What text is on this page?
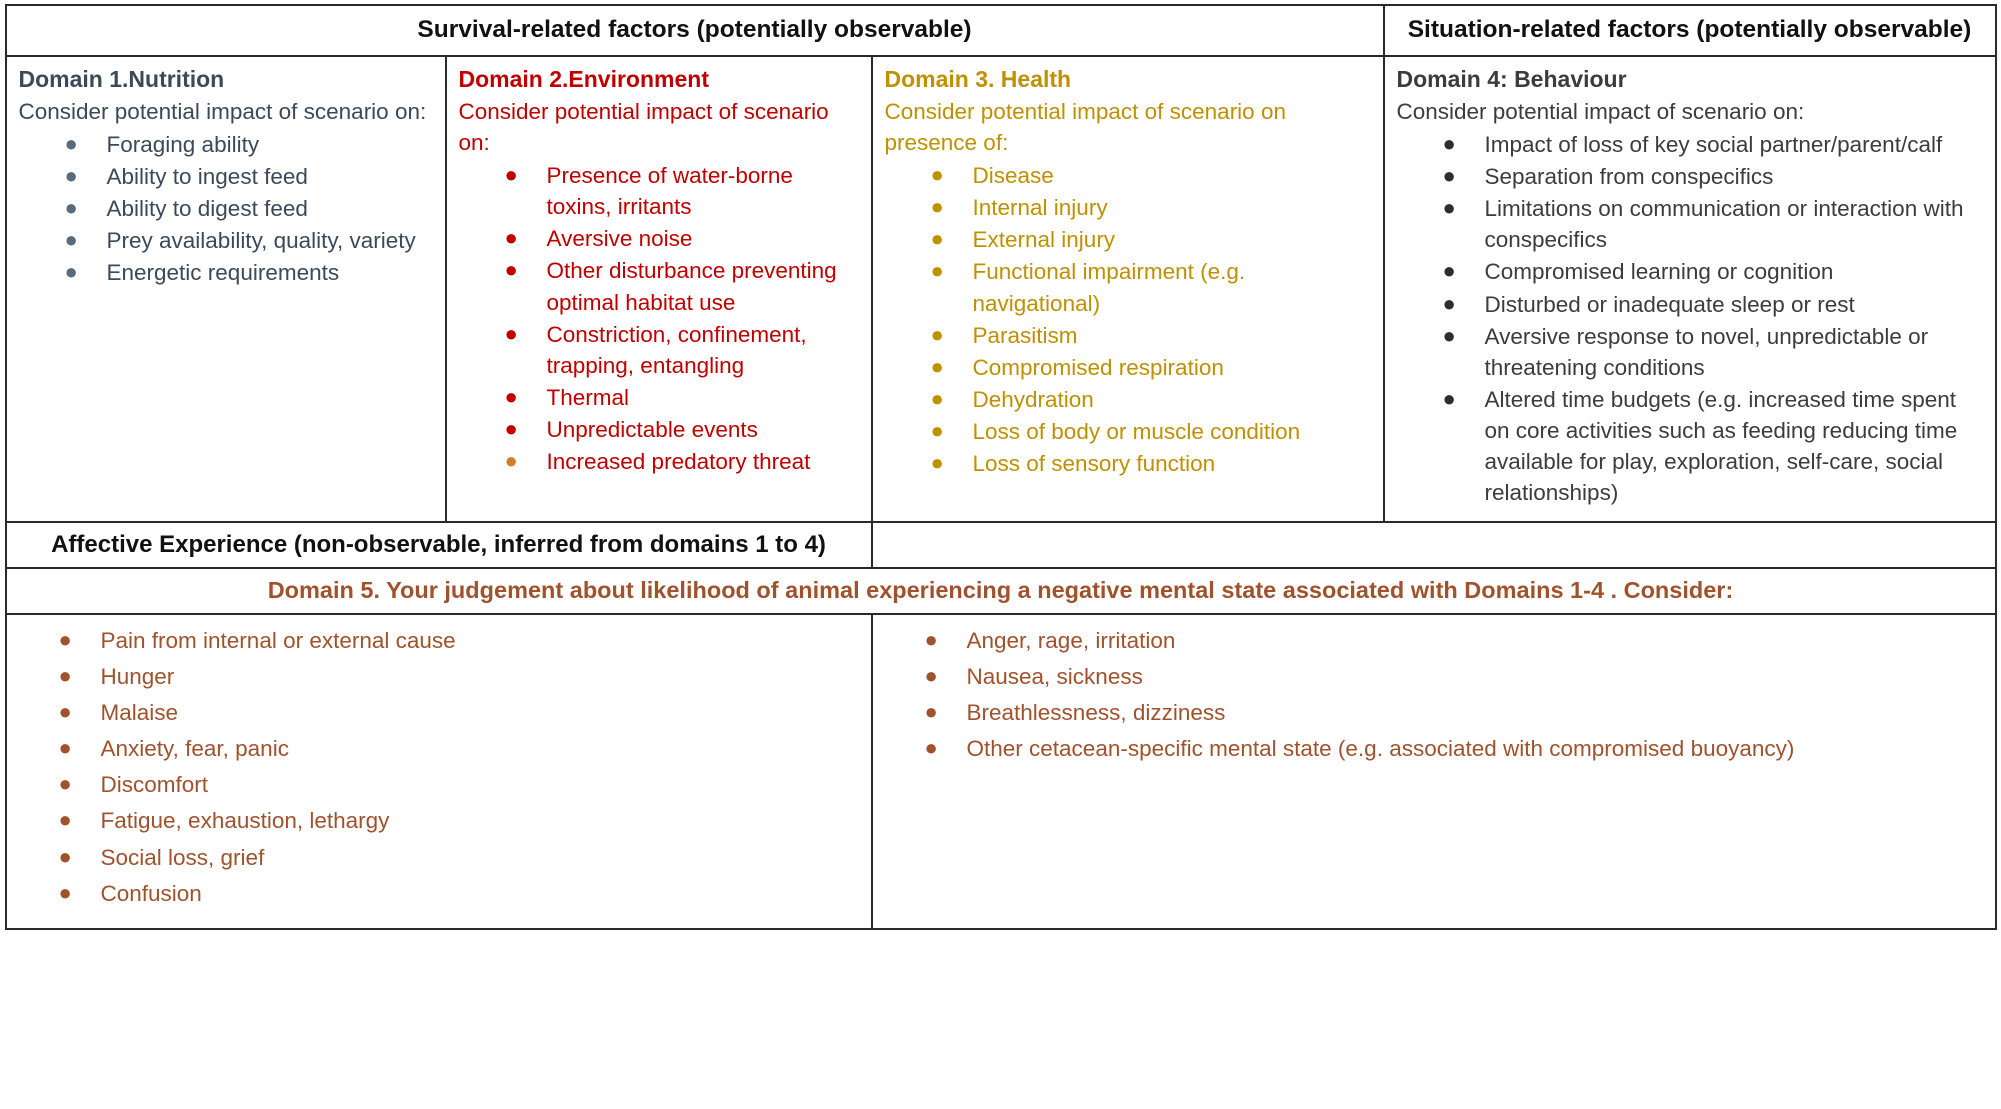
Survival-related factors (potentially observable)			Situation-related factors (potentially observable)

Domain 1.Nutrition
Consider potential impact of scenario on:
● Foraging ability
● Ability to ingest feed
● Ability to digest feed
● Prey availability, quality, variety
● Energetic requirements

Domain 2.Environment
Consider potential impact of scenario on:
● Presence of water-borne toxins, irritants
● Aversive noise
● Other disturbance preventing optimal habitat use
● Constriction, confinement, trapping, entangling
● Thermal
● Unpredictable events
● Increased predatory threat

Domain 3. Health
Consider potential impact of scenario on presence of:
● Disease
● Internal injury
● External injury
● Functional impairment (e.g. navigational)
● Parasitism
● Compromised respiration
● Dehydration
● Loss of body or muscle condition
● Loss of sensory function

Domain 4: Behaviour
Consider potential impact of scenario on:
● Impact of loss of key social partner/parent/calf
● Separation from conspecifics
● Limitations on communication or interaction with conspecifics
● Compromised learning or cognition
● Disturbed or inadequate sleep or rest
● Aversive response to novel, unpredictable or threatening conditions
● Altered time budgets (e.g. increased time spent on core activities such as feeding reducing time available for play, exploration, self-care, social relationships)

Affective Experience (non-observable, inferred from domains 1 to 4)			
Domain 5. Your judgement about likelihood of animal experiencing a negative mental state associated with Domains 1-4 . Consider:			

● Pain from internal or external cause
● Hunger
● Malaise
● Anxiety, fear, panic
● Discomfort
● Fatigue, exhaustion, lethargy
● Social loss, grief
● Confusion

● Anger, rage, irritation
● Nausea, sickness
● Breathlessness, dizziness
● Other cetacean-specific mental state (e.g. associated with compromised buoyancy)
